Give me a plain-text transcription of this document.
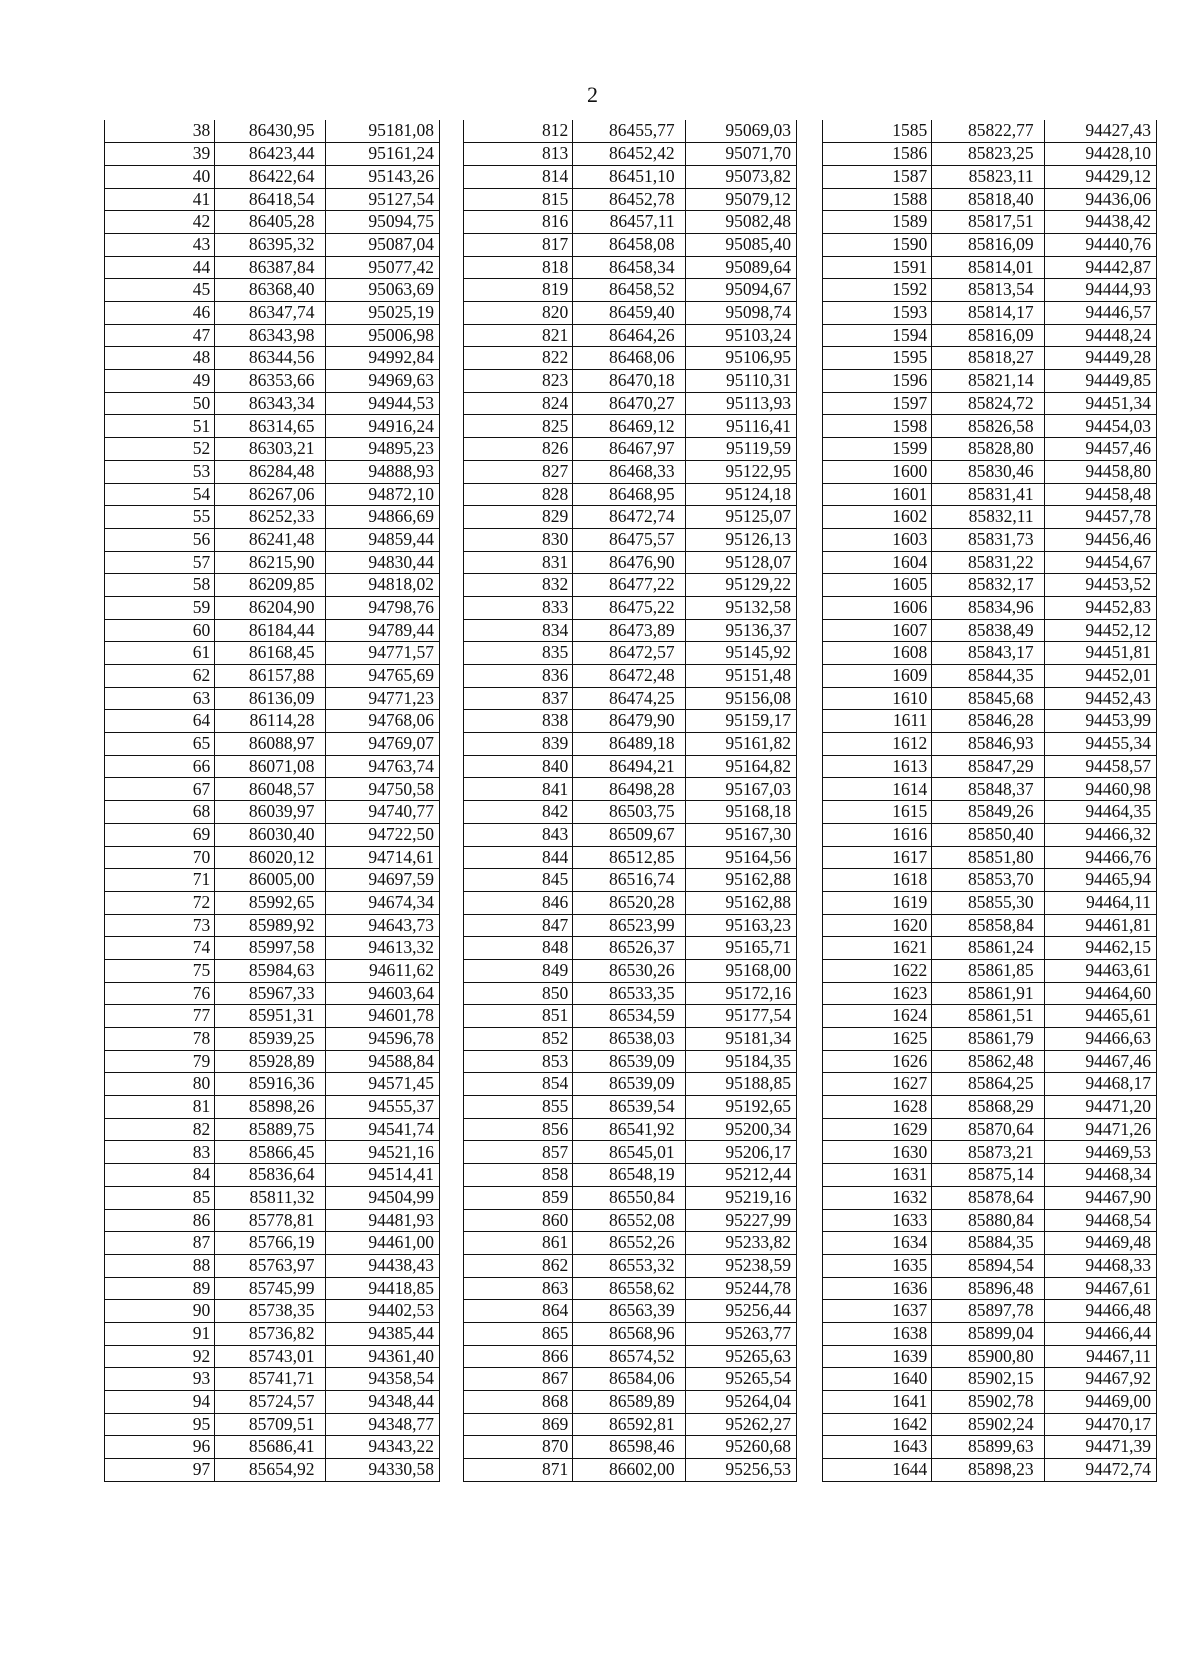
2
38	86430,95	95181,08
39	86423,44	95161,24
40	86422,64	95143,26
41	86418,54	95127,54
42	86405,28	95094,75
43	86395,32	95087,04
44	86387,84	95077,42
45	86368,40	95063,69
46	86347,74	95025,19
47	86343,98	95006,98
48	86344,56	94992,84
49	86353,66	94969,63
50	86343,34	94944,53
51	86314,65	94916,24
52	86303,21	94895,23
53	86284,48	94888,93
54	86267,06	94872,10
55	86252,33	94866,69
56	86241,48	94859,44
57	86215,90	94830,44
58	86209,85	94818,02
59	86204,90	94798,76
60	86184,44	94789,44
61	86168,45	94771,57
62	86157,88	94765,69
63	86136,09	94771,23
64	86114,28	94768,06
65	86088,97	94769,07
66	86071,08	94763,74
67	86048,57	94750,58
68	86039,97	94740,77
69	86030,40	94722,50
70	86020,12	94714,61
71	86005,00	94697,59
72	85992,65	94674,34
73	85989,92	94643,73
74	85997,58	94613,32
75	85984,63	94611,62
76	85967,33	94603,64
77	85951,31	94601,78
78	85939,25	94596,78
79	85928,89	94588,84
80	85916,36	94571,45
81	85898,26	94555,37
82	85889,75	94541,74
83	85866,45	94521,16
84	85836,64	94514,41
85	85811,32	94504,99
86	85778,81	94481,93
87	85766,19	94461,00
88	85763,97	94438,43
89	85745,99	94418,85
90	85738,35	94402,53
91	85736,82	94385,44
92	85743,01	94361,40
93	85741,71	94358,54
94	85724,57	94348,44
95	85709,51	94348,77
96	85686,41	94343,22
97	85654,92	94330,58
812	86455,77	95069,03
813	86452,42	95071,70
814	86451,10	95073,82
815	86452,78	95079,12
816	86457,11	95082,48
817	86458,08	95085,40
818	86458,34	95089,64
819	86458,52	95094,67
820	86459,40	95098,74
821	86464,26	95103,24
822	86468,06	95106,95
823	86470,18	95110,31
824	86470,27	95113,93
825	86469,12	95116,41
826	86467,97	95119,59
827	86468,33	95122,95
828	86468,95	95124,18
829	86472,74	95125,07
830	86475,57	95126,13
831	86476,90	95128,07
832	86477,22	95129,22
833	86475,22	95132,58
834	86473,89	95136,37
835	86472,57	95145,92
836	86472,48	95151,48
837	86474,25	95156,08
838	86479,90	95159,17
839	86489,18	95161,82
840	86494,21	95164,82
841	86498,28	95167,03
842	86503,75	95168,18
843	86509,67	95167,30
844	86512,85	95164,56
845	86516,74	95162,88
846	86520,28	95162,88
847	86523,99	95163,23
848	86526,37	95165,71
849	86530,26	95168,00
850	86533,35	95172,16
851	86534,59	95177,54
852	86538,03	95181,34
853	86539,09	95184,35
854	86539,09	95188,85
855	86539,54	95192,65
856	86541,92	95200,34
857	86545,01	95206,17
858	86548,19	95212,44
859	86550,84	95219,16
860	86552,08	95227,99
861	86552,26	95233,82
862	86553,32	95238,59
863	86558,62	95244,78
864	86563,39	95256,44
865	86568,96	95263,77
866	86574,52	95265,63
867	86584,06	95265,54
868	86589,89	95264,04
869	86592,81	95262,27
870	86598,46	95260,68
871	86602,00	95256,53
1585	85822,77	94427,43
1586	85823,25	94428,10
1587	85823,11	94429,12
1588	85818,40	94436,06
1589	85817,51	94438,42
1590	85816,09	94440,76
1591	85814,01	94442,87
1592	85813,54	94444,93
1593	85814,17	94446,57
1594	85816,09	94448,24
1595	85818,27	94449,28
1596	85821,14	94449,85
1597	85824,72	94451,34
1598	85826,58	94454,03
1599	85828,80	94457,46
1600	85830,46	94458,80
1601	85831,41	94458,48
1602	85832,11	94457,78
1603	85831,73	94456,46
1604	85831,22	94454,67
1605	85832,17	94453,52
1606	85834,96	94452,83
1607	85838,49	94452,12
1608	85843,17	94451,81
1609	85844,35	94452,01
1610	85845,68	94452,43
1611	85846,28	94453,99
1612	85846,93	94455,34
1613	85847,29	94458,57
1614	85848,37	94460,98
1615	85849,26	94464,35
1616	85850,40	94466,32
1617	85851,80	94466,76
1618	85853,70	94465,94
1619	85855,30	94464,11
1620	85858,84	94461,81
1621	85861,24	94462,15
1622	85861,85	94463,61
1623	85861,91	94464,60
1624	85861,51	94465,61
1625	85861,79	94466,63
1626	85862,48	94467,46
1627	85864,25	94468,17
1628	85868,29	94471,20
1629	85870,64	94471,26
1630	85873,21	94469,53
1631	85875,14	94468,34
1632	85878,64	94467,90
1633	85880,84	94468,54
1634	85884,35	94469,48
1635	85894,54	94468,33
1636	85896,48	94467,61
1637	85897,78	94466,48
1638	85899,04	94466,44
1639	85900,80	94467,11
1640	85902,15	94467,92
1641	85902,78	94469,00
1642	85902,24	94470,17
1643	85899,63	94471,39
1644	85898,23	94472,74
